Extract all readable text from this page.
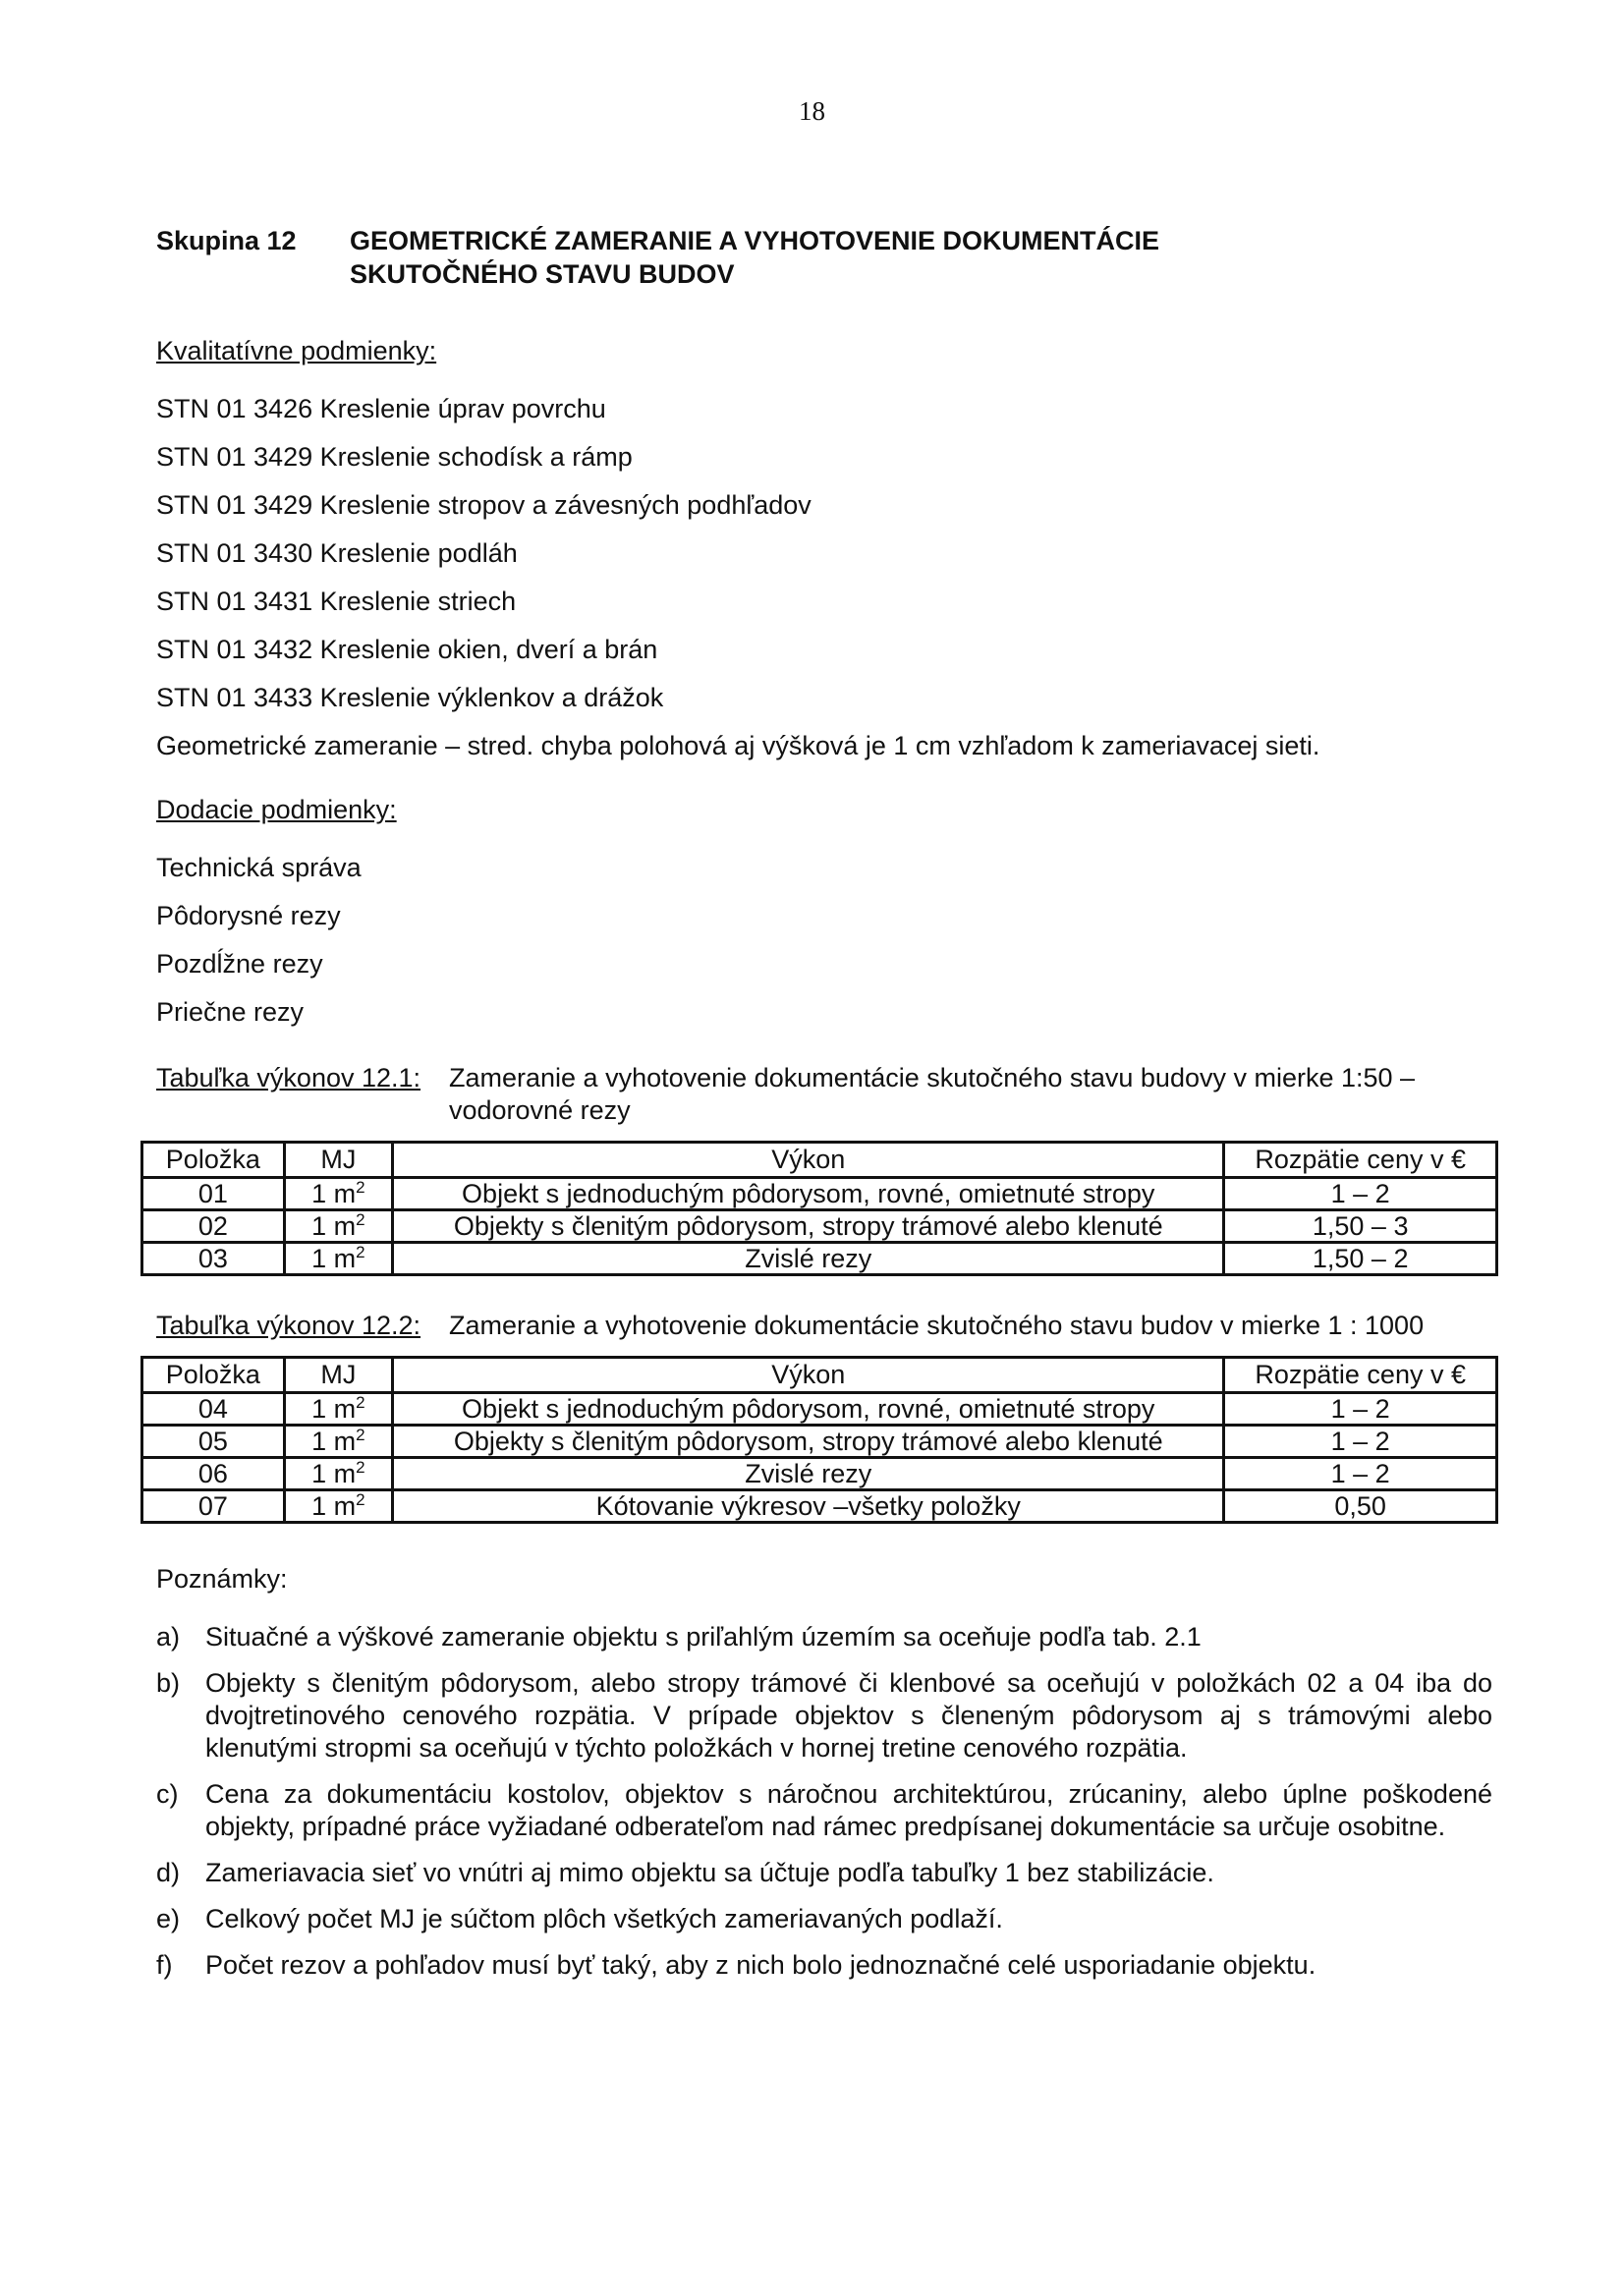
18
Skupina 12	GEOMETRICKÉ ZAMERANIE A VYHOTOVENIE DOKUMENTÁCIE
SKUTOČNÉHO STAVU BUDOV
Kvalitatívne podmienky:
STN 01 3426 Kreslenie úprav povrchu
STN 01 3429 Kreslenie schodísk a rámp
STN 01 3429 Kreslenie stropov a závesných podhľadov
STN 01 3430 Kreslenie podláh
STN 01 3431 Kreslenie striech
STN 01 3432 Kreslenie okien, dverí a brán
STN 01 3433 Kreslenie výklenkov a drážok
Geometrické zameranie – stred. chyba polohová aj výšková je 1 cm vzhľadom k zameriavacej sieti.
Dodacie podmienky:
Technická správa
Pôdorysné rezy
Pozdĺžne rezy
Priečne rezy
Tabuľka výkonov 12.1:	Zameranie a vyhotovenie dokumentácie skutočného stavu budovy v mierke 1:50 – vodorovné rezy
Položka	MJ	Výkon	Rozpätie ceny v €
01	1 $m^2$	Objekt s jednoduchým pôdorysom, rovné, omietnuté stropy	1 – 2
02	1 $m^2$	Objekty s členitým pôdorysom, stropy trámové alebo klenuté	1,50 – 3
03	1 $m^2$	Zvislé rezy	1,50 – 2
Tabuľka výkonov 12.2:	Zameranie a vyhotovenie dokumentácie skutočného stavu budov v mierke 1 : 1000
Položka	MJ	Výkon	Rozpätie ceny v €
04	1 $m^2$	Objekt s jednoduchým pôdorysom, rovné, omietnuté stropy	1 – 2
05	1 $m^2$	Objekty s členitým pôdorysom, stropy trámové alebo klenuté	1 – 2
06	1 $m^2$	Zvislé rezy	1 – 2
07	1 $m^2$	Kótovanie výkresov –všetky položky	0,50
Poznámky:
a) Situačné a výškové zameranie objektu s priľahlým územím sa oceňuje podľa tab. 2.1
b) Objekty s členitým pôdorysom, alebo stropy trámové či klenbové sa oceňujú v položkách 02 a 04 iba do dvojtretinového cenového rozpätia. V prípade objektov s členeným pôdorysom aj s trámovými alebo klenutými stropmi sa oceňujú v týchto položkách v hornej tretine cenového rozpätia.
c)	Cena za dokumentáciu kostolov, objektov s náročnou architektúrou, zrúcaniny, alebo úplne poškodené objekty, prípadné práce vyžiadané odberateľom nad rámec predpísanej dokumentácie sa určuje osobitne.
d) Zameriavacia sieť vo vnútri aj mimo objektu sa účtuje podľa tabuľky 1 bez stabilizácie.
e) Celkový počet MJ je súčtom plôch všetkých zameriavaných podlaží.
f)	Počet rezov a pohľadov musí byť taký, aby z nich bolo jednoznačné celé usporiadanie objektu.
